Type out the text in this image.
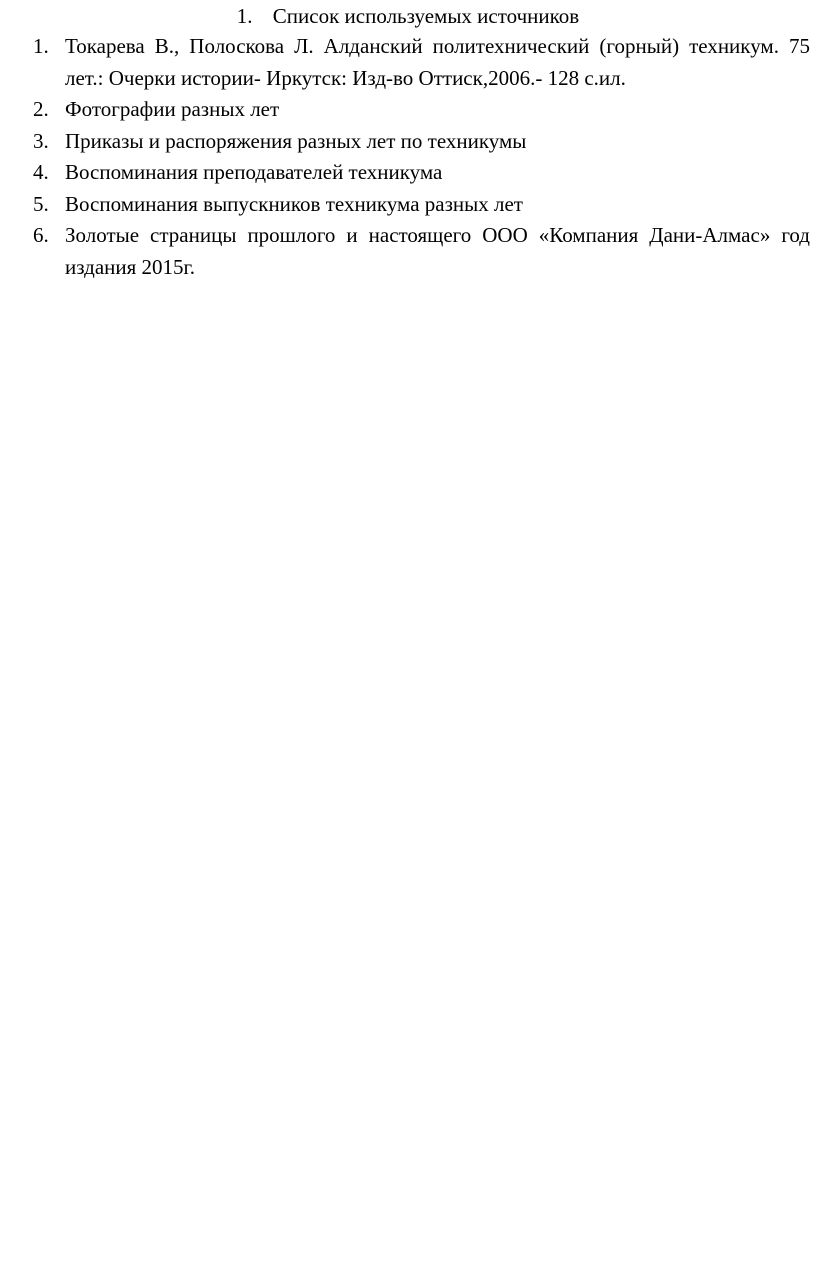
1. Список используемых источников
1. Токарева В., Полоскова Л. Алданский политехнический (горный) техникум. 75 лет.: Очерки истории- Иркутск: Изд-во Оттиск,2006.- 128 с.ил.
2. Фотографии разных лет
3. Приказы и распоряжения разных лет по техникумы
4. Воспоминания преподавателей техникума
5. Воспоминания выпускников техникума разных лет
6. Золотые страницы прошлого и настоящего ООО «Компания Дани-Алмас» год издания 2015г.
